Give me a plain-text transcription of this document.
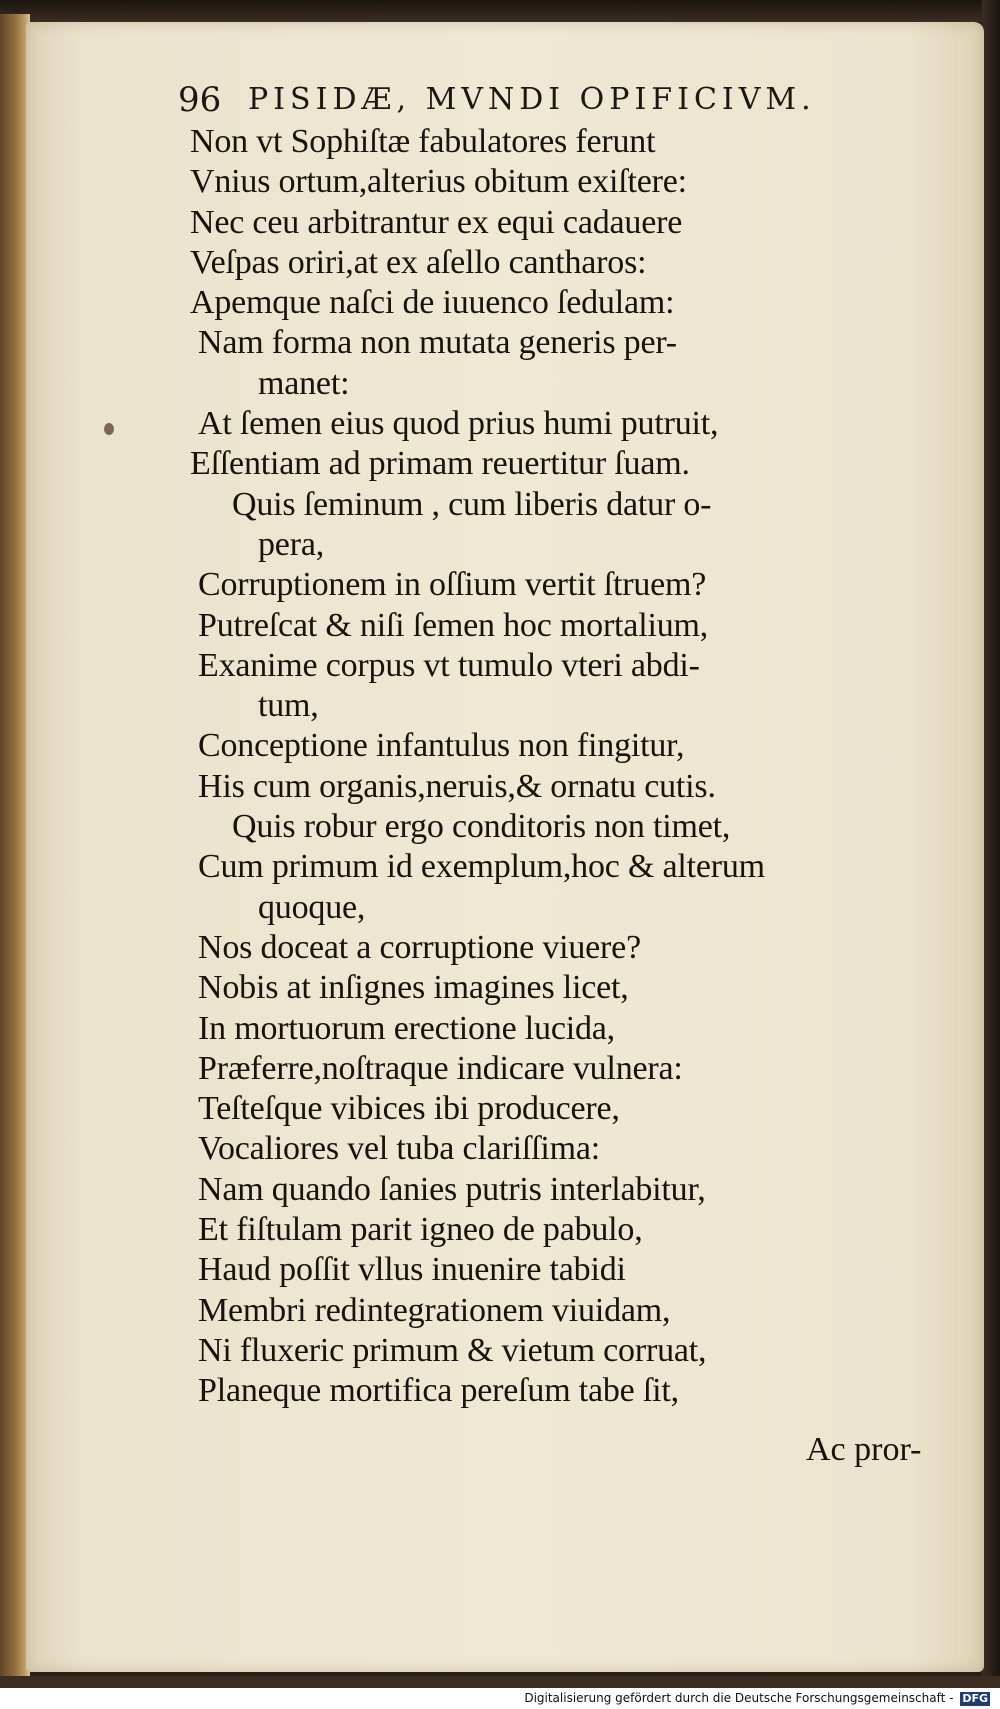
96 PISIDÆ, MVNDI OPIFICIVM.
Non vt Sophiſtæ fabulatores ferunt
Vnius ortum,alterius obitum exiſtere:
Nec ceu arbitrantur ex equi cadauere
Veſpas oriri,at ex aſello cantharos:
Apemque naſci de iuuenco ſedulam:
Nam forma non mutata generis per-
manet:
At ſemen eius quod prius humi putruit,
Eſſentiam ad primam reuertitur ſuam.
Quis ſeminum , cum liberis datur o-
pera,
Corruptionem in oſſium vertit ſtruem?
Putreſcat & niſi ſemen hoc mortalium,
Exanime corpus vt tumulo vteri abdi-
tum,
Conceptione infantulus non fingitur,
His cum organis,neruis,& ornatu cutis.
Quis robur ergo conditoris non timet,
Cum primum id exemplum,hoc & alterum
quoque,
Nos doceat a corruptione viuere?
Nobis at inſignes imagines licet,
In mortuorum erectione lucida,
Præferre,noſtraque indicare vulnera:
Teſteſque vibices ibi producere,
Vocaliores vel tuba clariſſima:
Nam quando ſanies putris interlabitur,
Et fiſtulam parit igneo de pabulo,
Haud poſſit vllus inuenire tabidi
Membri redintegrationem viuidam,
Ni fluxeric primum & vietum corruat,
Planeque mortifica pereſum tabe ſit,
Ac pror-
Digitalisierung gefördert durch die Deutsche Forschungsgemeinschaft - DFG
